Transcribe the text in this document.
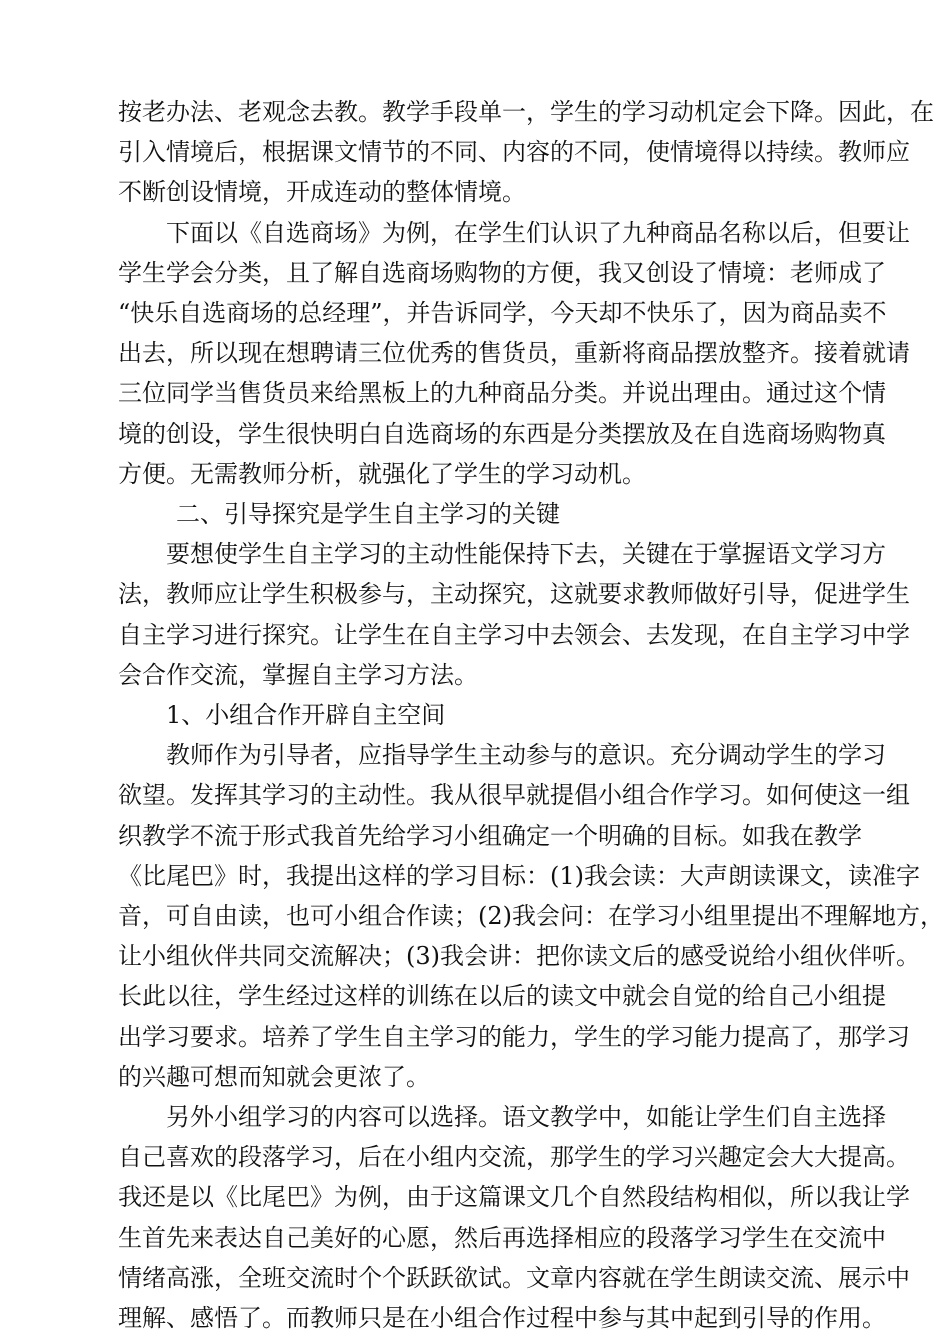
按老办法、老观念去教。教学手段单一，学生的学习动机定会下降。因此，在
引入情境后，根据课文情节的不同、内容的不同，使情境得以持续。教师应
不断创设情境，开成连动的整体情境。
下面以《自选商场》为例，在学生们认识了九种商品名称以后，但要让
学生学会分类，且了解自选商场购物的方便，我又创设了情境：老师成了
“快乐自选商场的总经理”，并告诉同学，今天却不快乐了，因为商品卖不
出去，所以现在想聘请三位优秀的售货员，重新将商品摆放整齐。接着就请
三位同学当售货员来给黑板上的九种商品分类。并说出理由。通过这个情
境的创设，学生很快明白自选商场的东西是分类摆放及在自选商场购物真
方便。无需教师分析，就强化了学生的学习动机。
二、引导探究是学生自主学习的关键
要想使学生自主学习的主动性能保持下去，关键在于掌握语文学习方
法，教师应让学生积极参与，主动探究，这就要求教师做好引导，促进学生
自主学习进行探究。让学生在自主学习中去领会、去发现，在自主学习中学
会合作交流，掌握自主学习方法。
1、小组合作开辟自主空间
教师作为引导者，应指导学生主动参与的意识。充分调动学生的学习
欲望。发挥其学习的主动性。我从很早就提倡小组合作学习。如何使这一组
织教学不流于形式我首先给学习小组确定一个明确的目标。如我在教学
《比尾巴》时，我提出这样的学习目标：(1)我会读：大声朗读课文，读准字
音，可自由读，也可小组合作读；(2)我会问：在学习小组里提出不理解地方，
让小组伙伴共同交流解决；(3)我会讲：把你读文后的感受说给小组伙伴听。
长此以往，学生经过这样的训练在以后的读文中就会自觉的给自己小组提
出学习要求。培养了学生自主学习的能力，学生的学习能力提高了，那学习
的兴趣可想而知就会更浓了。
另外小组学习的内容可以选择。语文教学中，如能让学生们自主选择
自己喜欢的段落学习，后在小组内交流，那学生的学习兴趣定会大大提高。
我还是以《比尾巴》为例，由于这篇课文几个自然段结构相似，所以我让学
生首先来表达自己美好的心愿，然后再选择相应的段落学习学生在交流中
情绪高涨，全班交流时个个跃跃欲试。文章内容就在学生朗读交流、展示中
理解、感悟了。而教师只是在小组合作过程中参与其中起到引导的作用。
